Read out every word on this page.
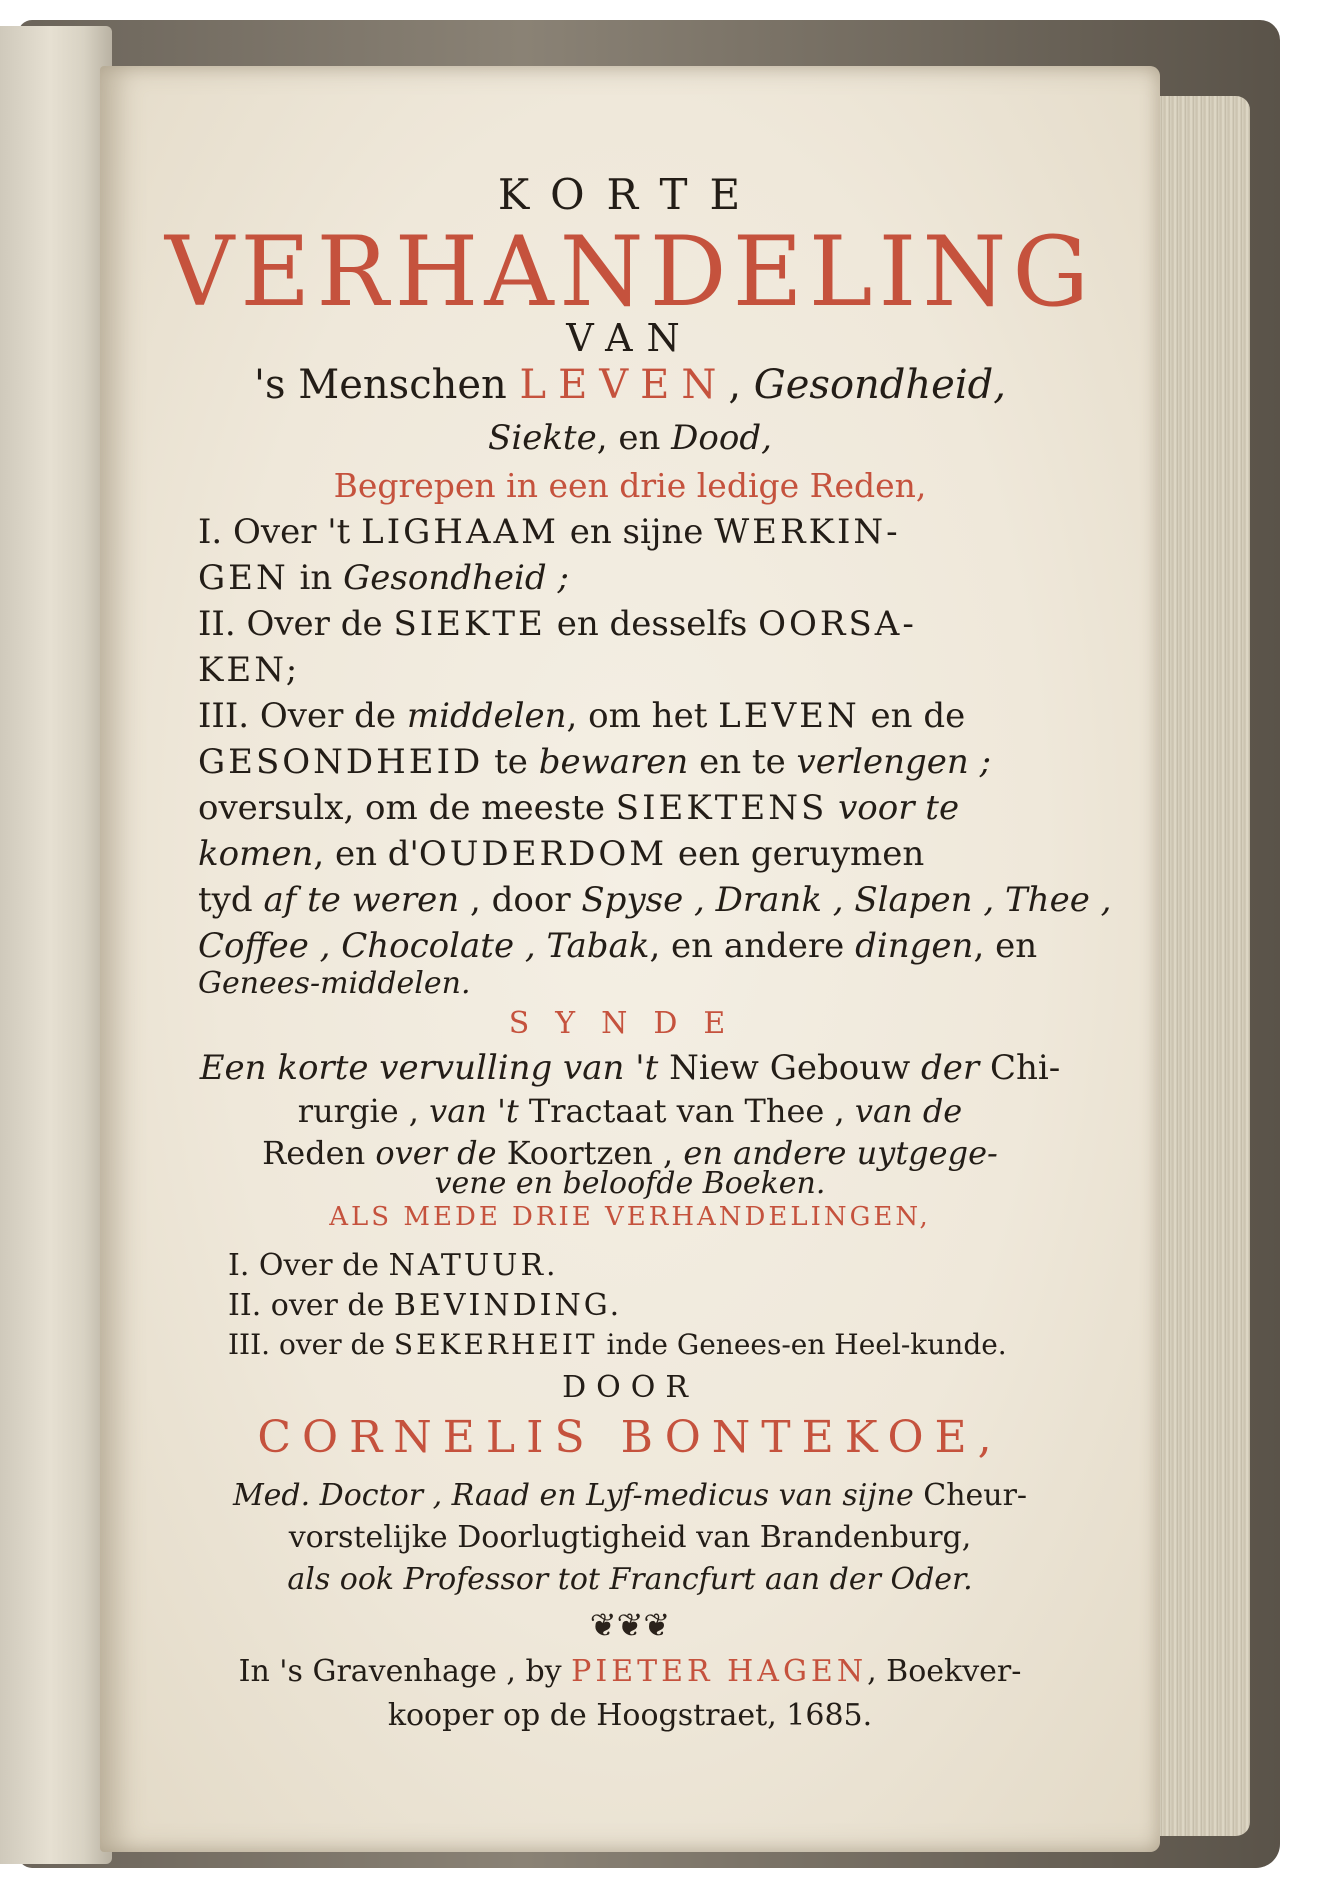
KORTE
VERHANDELING
VAN
's Menschen LEVEN, Gesondheid,
Siekte, en Dood,
Begrepen in een drie ledige Reden,
I. Over 't LIGHAAM en sijne WERKIN-
GEN in Gesondheid ;
II. Over de SIEKTE en desselfs OORSA-
KEN;
III. Over de middelen, om het LEVEN en de
GESONDHEID te bewaren en te verlengen ;
oversulx, om de meeste SIEKTENS voor te
komen, en d'OUDERDOM een geruymen
tyd af te weren , door Spyse , Drank , Slapen , Thee ,
Coffee , Chocolate , Tabak, en andere dingen, en
Genees-middelen.
SYNDE
Een korte vervulling van 't Niew Gebouw der Chi-
rurgie , van 't Tractaat van Thee , van de
Reden over de Koortzen , en andere uytgege-
vene en beloofde Boeken.
ALS MEDE DRIE VERHANDELINGEN,
I. Over de NATUUR.
II. over de BEVINDING.
III. over de SEKERHEIT inde Genees-en Heel-kunde.
DOOR
CORNELIS BONTEKOE,
Med. Doctor , Raad en Lyf-medicus van sijne Cheur-
vorstelijke Doorlugtigheid van Brandenburg,
als ook Professor tot Francfurt aan der Oder.
❦❦❦
In 's Gravenhage , by PIETER HAGEN, Boekver-
kooper op de Hoogstraet, 1685.
